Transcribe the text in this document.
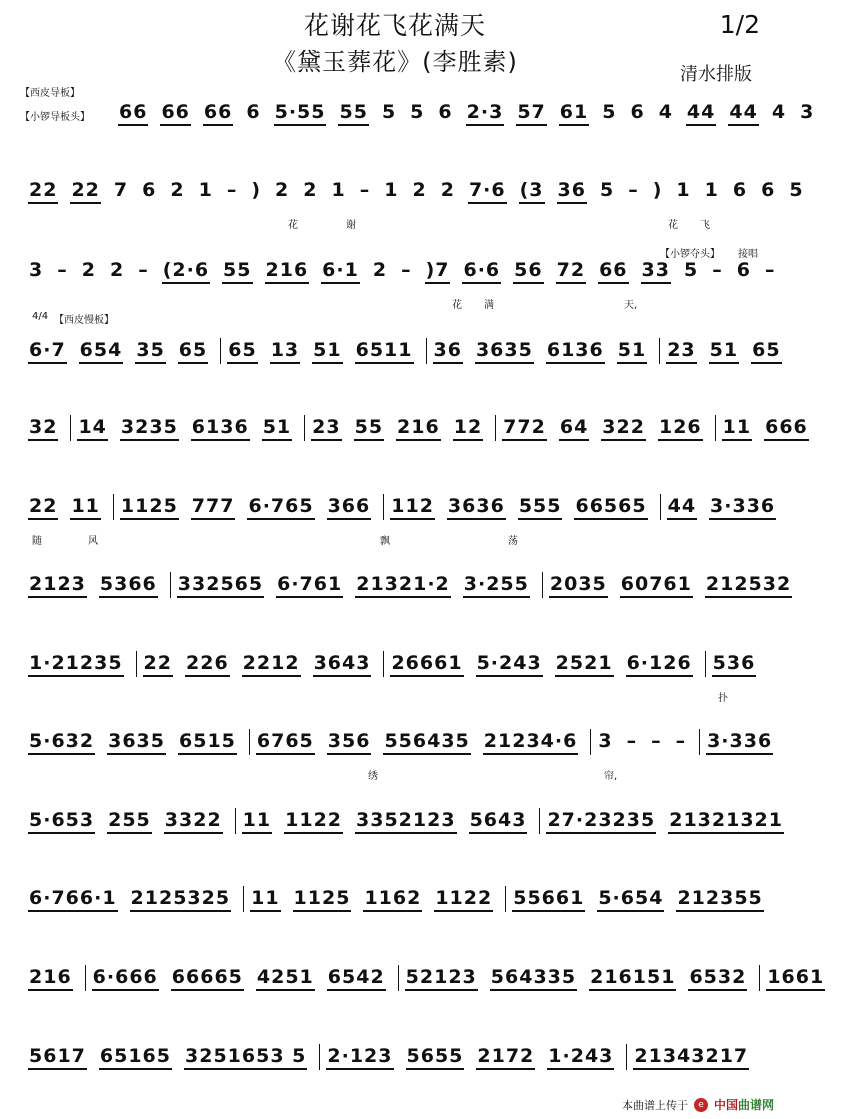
花谢花飞花满天
《黛玉葬花》(李胜素)
1/2
清水排版
【西皮导板】
【小锣导板头】
【小锣夺头】 接唱
4/4 【西皮慢板】
66 66 66 6 5·55 55 5 5 6 2·3 57 61 5 6 4 44 44 4 3
22 22 7 6 2 1 – ) 2 2 1 – 1 2 2 7·6 (3 36 5 – ) 1 1 6 6 5
花	谢	花 飞
3 – 2 2 – (2·6 55 216 6·1 2 – )7 6·6 56 72 66 33 5 – 6 –
花 满	天,
6·7 654 35 65 65 13 51 6511 36 3635 6136 51 23 51 65
32 14 3235 6136 51 23 55 216 12 772 64 322 126 11 666
22 11 1125 777 6·765 366 112 3636 555 66565 44 3·336
随	风	飘	荡
2123 5366 332565 6·761 21321·2 3·255 2035 60761 212532
1·21235 22 226 2212 3643 26661 5·243 2521 6·126 536
扑
5·632 3635 6515 6765 356 556435 21234·6 3 – – – 3·336
绣	帘,
5·653 255 3322 11 1122 3352123 5643 27·23235 21321321
6·766·1 2125325 11 1125 1162 1122 55661 5·654 212355
216 6·666 66665 4251 6542 52123 564335 216151 6532 1661
5617 65165 3251653 5 2·123 5655 2172 1·243 21343217
本曲谱上传于	e 中国曲谱网
